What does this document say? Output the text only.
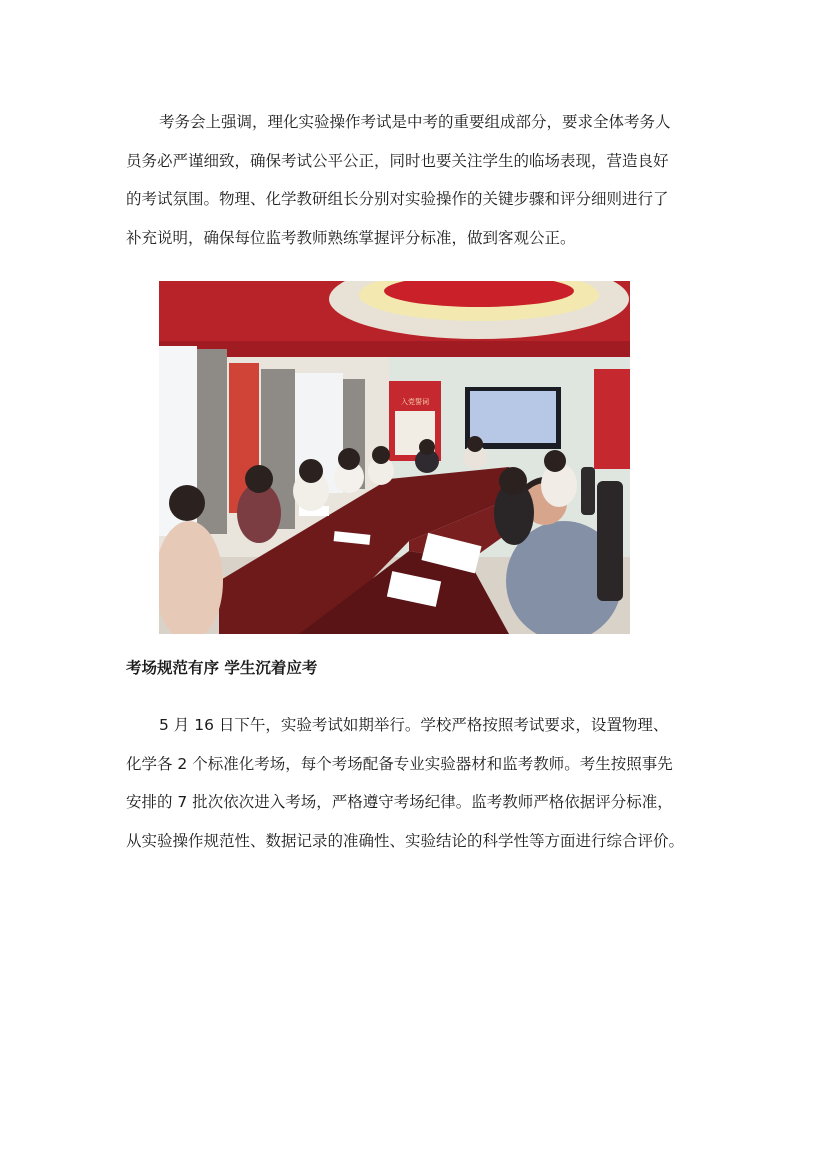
考务会上强调，理化实验操作考试是中考的重要组成部分，要求全体考务人
员务必严谨细致，确保考试公平公正，同时也要关注学生的临场表现，营造良好
的考试氛围。物理、化学教研组长分别对实验操作的关键步骤和评分细则进行了
补充说明，确保每位监考教师熟练掌握评分标准，做到客观公正。
入党誓词

考场规范有序 学生沉着应考

5 月 16 日下午，实验考试如期举行。学校严格按照考试要求，设置物理、
化学各 2 个标准化考场，每个考场配备专业实验器材和监考教师。考生按照事先
安排的 7 批次依次进入考场，严格遵守考场纪律。监考教师严格依据评分标准，
从实验操作规范性、数据记录的准确性、实验结论的科学性等方面进行综合评价。
